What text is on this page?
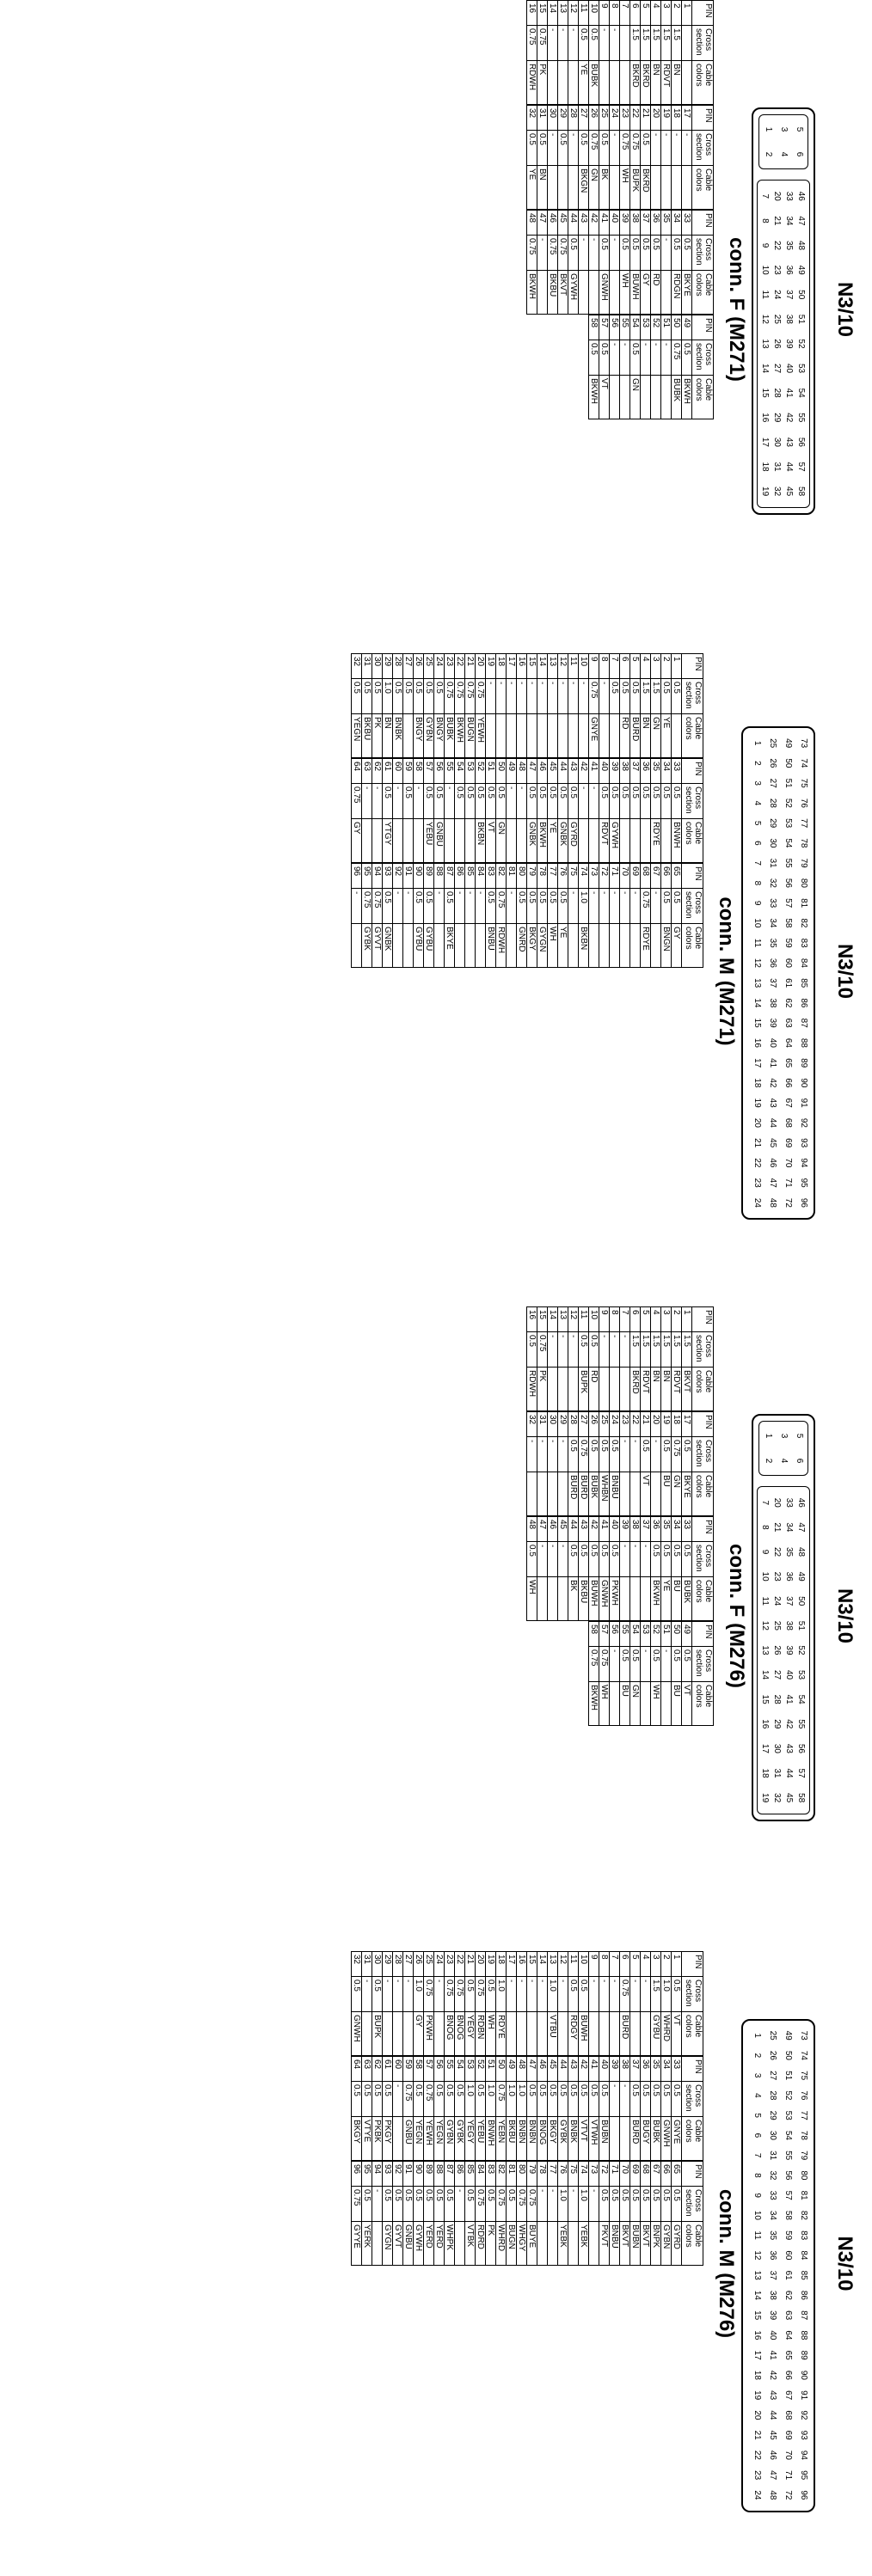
N3/10
5
6
3
4
1
2
46
47
48
49
50
51
52
53
54
55
56
57
58
33
34
35
36
37
38
39
40
41
42
43
44
45
20
21
22
23
24
25
26
27
28
29
30
31
32
7
8
9
10
11
12
13
14
15
16
17
18
19
conn. F (M271)
PIN	Cross section	Cable colors
1		
2	1.5	BN
3	1.5	RDVT
4	1.5	BN
5	1.5	BKRD
6	1.5	BKRD
7		
8	-	
9	-	
10	0.5	BUBK
11	0.5	YE
12	-	
13	-	
14	-	
15	0.75	PK
16	0.75	RDWH
PIN	Cross section	Cable colors
17	-	
18	-	
19	-	
20	-	
21	0.5	BKRD
22	0.75	BUPK
23	0.75	WH
24	-	
25	0.5	BK
26	0.75	GN
27	0.5	BKGN
28	-	
29	0.5	
30	-	
31	0.5	BN
32	0.5	YE
PIN	Cross section	Cable colors
33	0.5	BKYE
34	0.5	RDGN
35	-	
36	0.5	RD
37	0.5	GY
38	0.5	BUWH
39	0.5	WH
40	-	
41	0.5	GNWH
42	-	
43	-	
44	0.5	GYWH
45	0.75	BKVT
46	0.75	BKBU
47	-	
48	0.75	BKWH
PIN	Cross section	Cable colors
49	0.5	BKWH
50	0.75	BUBK
51	-	
52	-	
53	-	
54	0.5	GN
55	-	
56	-	
57	0.5	VT
58	0.5	BKWH
N3/10
73
74
75
76
77
78
79
80
81
82
83
84
85
86
87
88
89
90
91
92
93
94
95
96
49
50
51
52
53
54
55
56
57
58
59
60
61
62
63
64
65
66
67
68
69
70
71
72
25
26
27
28
29
30
31
32
33
34
35
36
37
38
39
40
41
42
43
44
45
46
47
48
1
2
3
4
5
6
7
8
9
10
11
12
13
14
15
16
17
18
19
20
21
22
23
24
conn. M (M271)
PIN	Cross section	Cable colors
1	0.5	
2	0.5	YE
3	1.5	GN
4	1.5	BN
5	0.5	BURD
6	0.5	RD
7	0.5	
8	-	
9	0.75	GNYE
10	-	
11	-	
12	-	
13	-	
14	-	
15	-	
16	-	
17	-	
18	-	
19	-	
20	0.75	YEWH
21	0.75	BUGN
22	0.75	BKWH
23	0.75	BUBK
24	0.5	BNGY
25	0.5	GYBN
26	0.5	BNGY
27	0.5	
28	0.5	BNBK
29	1.0	BN
30	0.5	PK
31	0.5	BKBU
32	0.5	YEGN
PIN	Cross section	Cable colors
33	0.5	BNWH
34	0.5	
35	0.5	RDYE
36	0.5	
37	0.5	
38	0.5	
39	0.5	GYWH
40	0.5	RDVT
41	-	
42	-	
43	0.5	GYRD
44	0.5	GNBK
45	0.5	YE
46	0.5	BKWH
47	0.5	GNBK
48	-	
49	-	
50	0.5	GN
51	0.5	VT
52	0.5	BKBN
53	0.5	
54	0.5	
55	-	
56	0.5	GNBU
57	0.5	YEBU
58	-	
59	0.5	
60	-	
61	0.5	YTGY
62	-	
63	-	
64	0.75	GY
PIN	Cross section	Cable colors
65	0.5	GY
66	0.5	BNGN
67	-	
68	0.75	RDYE
69	-	
70	-	
71	-	
72	-	
73	-	
74	1.0	BKBN
75	-	
76	0.5	YE
77	0.5	WH
78	0.5	GYGN
79	0.5	BKGY
80	0.5	GNRD
81	-	
82	0.75	RDWH
83	0.5	BNBU
84	-	
85	-	
86	-	
87	0.5	BKYE
88	-	
89	0.5	GYBU
90	0.5	GYBU
91	-	
92	-	
93	0.5	GNBK
94	0.75	GYVT
95	0.75	GYBK
96	-	
N3/10
5
6
3
4
1
2
46
47
48
49
50
51
52
53
54
55
56
57
58
33
34
35
36
37
38
39
40
41
42
43
44
45
20
21
22
23
24
25
26
27
28
29
30
31
32
7
8
9
10
11
12
13
14
15
16
17
18
19
conn. F (M276)
PIN	Cross section	Cable colors
1	1.5	BKVT
2	1.5	RDVT
3	1.5	BN
4	1.5	BN
5	1.5	RDVT
6	1.5	BKRD
7	-	
8	-	
9	-	
10	0.5	RD
11	0.5	BUPK
12	-	
13	-	
14	-	
15	0.75	PK
16	0.5	RDWH
PIN	Cross section	Cable colors
17	0.5	BKYE
18	0.75	GN
19	0.5	BU
20	-	
21	0.5	VT
22	-	
23	-	
24	0.5	BNBU
25	0.5	WHBN
26	0.5	BUBK
27	0.75	BURD
28	0.5	BURD
29	-	
30	-	
31	-	
32	-	
PIN	Cross section	Cable colors
33	0.5	BUBK
34	0.5	BU
35	0.5	YE
36	0.5	BKWH
37	-	
38	-	
39	-	
40	0.5	PKWH
41	0.5	GNWH
42	0.5	BUWH
43	0.5	BKBU
44	0.5	BK
45	-	
46	-	
47	-	
48	0.5	WH
PIN	Cross section	Cable colors
49	0.5	VT
50	0.5	BU
51	-	
52	0.5	WH
53	-	
54	0.5	GN
55	0.5	BU
56	-	
57	0.75	WH
58	0.75	BKWH
N3/10
73
74
75
76
77
78
79
80
81
82
83
84
85
86
87
88
89
90
91
92
93
94
95
96
49
50
51
52
53
54
55
56
57
58
59
60
61
62
63
64
65
66
67
68
69
70
71
72
25
26
27
28
29
30
31
32
33
34
35
36
37
38
39
40
41
42
43
44
45
46
47
48
1
2
3
4
5
6
7
8
9
10
11
12
13
14
15
16
17
18
19
20
21
22
23
24
conn. M (M276)
PIN	Cross section	Cable colors
1	0.5	VT
2	1.0	WHRD
3	1.5	GYBU
4	-	
5	-	
6	0.75	BURD
7	-	
8	-	
9	-	
10	0.5	BUWH
11	0.5	RDGY
12	-	
13	1.0	VTBU
14	-	
15	-	
16	-	
17	-	
18	1.0	RDYE
19	0.5	WH
20	0.75	RDBN
21	0.5	YEGY
22	0.75	BNOG
23	0.75	BNOG
24	-	
25	0.75	PKWH
26	1.0	GY
27	-	
28	-	
29	-	
30	0.5	BUPK
31	-	
32	0.5	GNWH
PIN	Cross section	Cable colors
33	0.5	GNYE
34	0.5	GNWH
35	0.5	BUBK
36	0.5	BUGY
37	0.5	BURD
38	-	
39	-	
40	0.5	BUBN
41	0.5	VTWH
42	0.5	VTVT
43	0.5	BNBK
44	0.5	GYBK
45	0.5	BKGY
46	0.5	BNOG
47	0.5	BNBN
48	1.0	BNBN
49	1.0	BKBU
50	0.75	YEBN
51	1.0	BNWH
52	0.5	YEBU
53	1.0	YEGY
54	0.5	GYBK
55	0.5	GYBN
56	0.5	YEGN
57	0.75	YEWH
58	0.5	YEGN
59	0.75	GNBU
60	-	
61	0.5	PKGY
62	0.5	PKBK
63	0.5	VTYE
64	0.5	BKGY
PIN	Cross section	Cable colors
65	0.5	GYRD
66	0.5	GYBN
67	0.5	BNPK
68	0.5	BKVT
69	0.5	BUBN
70	0.5	BKVT
71	0.5	BNBU
72	0.5	PKVT
73	-	
74	1.0	YEBK
75	-	
76	1.0	YEBK
77	-	
78	-	
79	0.75	BUYE
80	0.75	WHGY
81	0.5	BUGN
82	0.75	WHRD
83	0.5	PK
84	0.75	RDRD
85	0.5	VTBK
86	-	
87	0.5	WHPK
88	0.5	YERD
89	0.5	YERD
90	0.5	GYWH
91	0.5	GNBU
92	0.5	GYVT
93	0.5	GYGN
94	-	
95	0.5	YERK
96	0.75	GYYE
